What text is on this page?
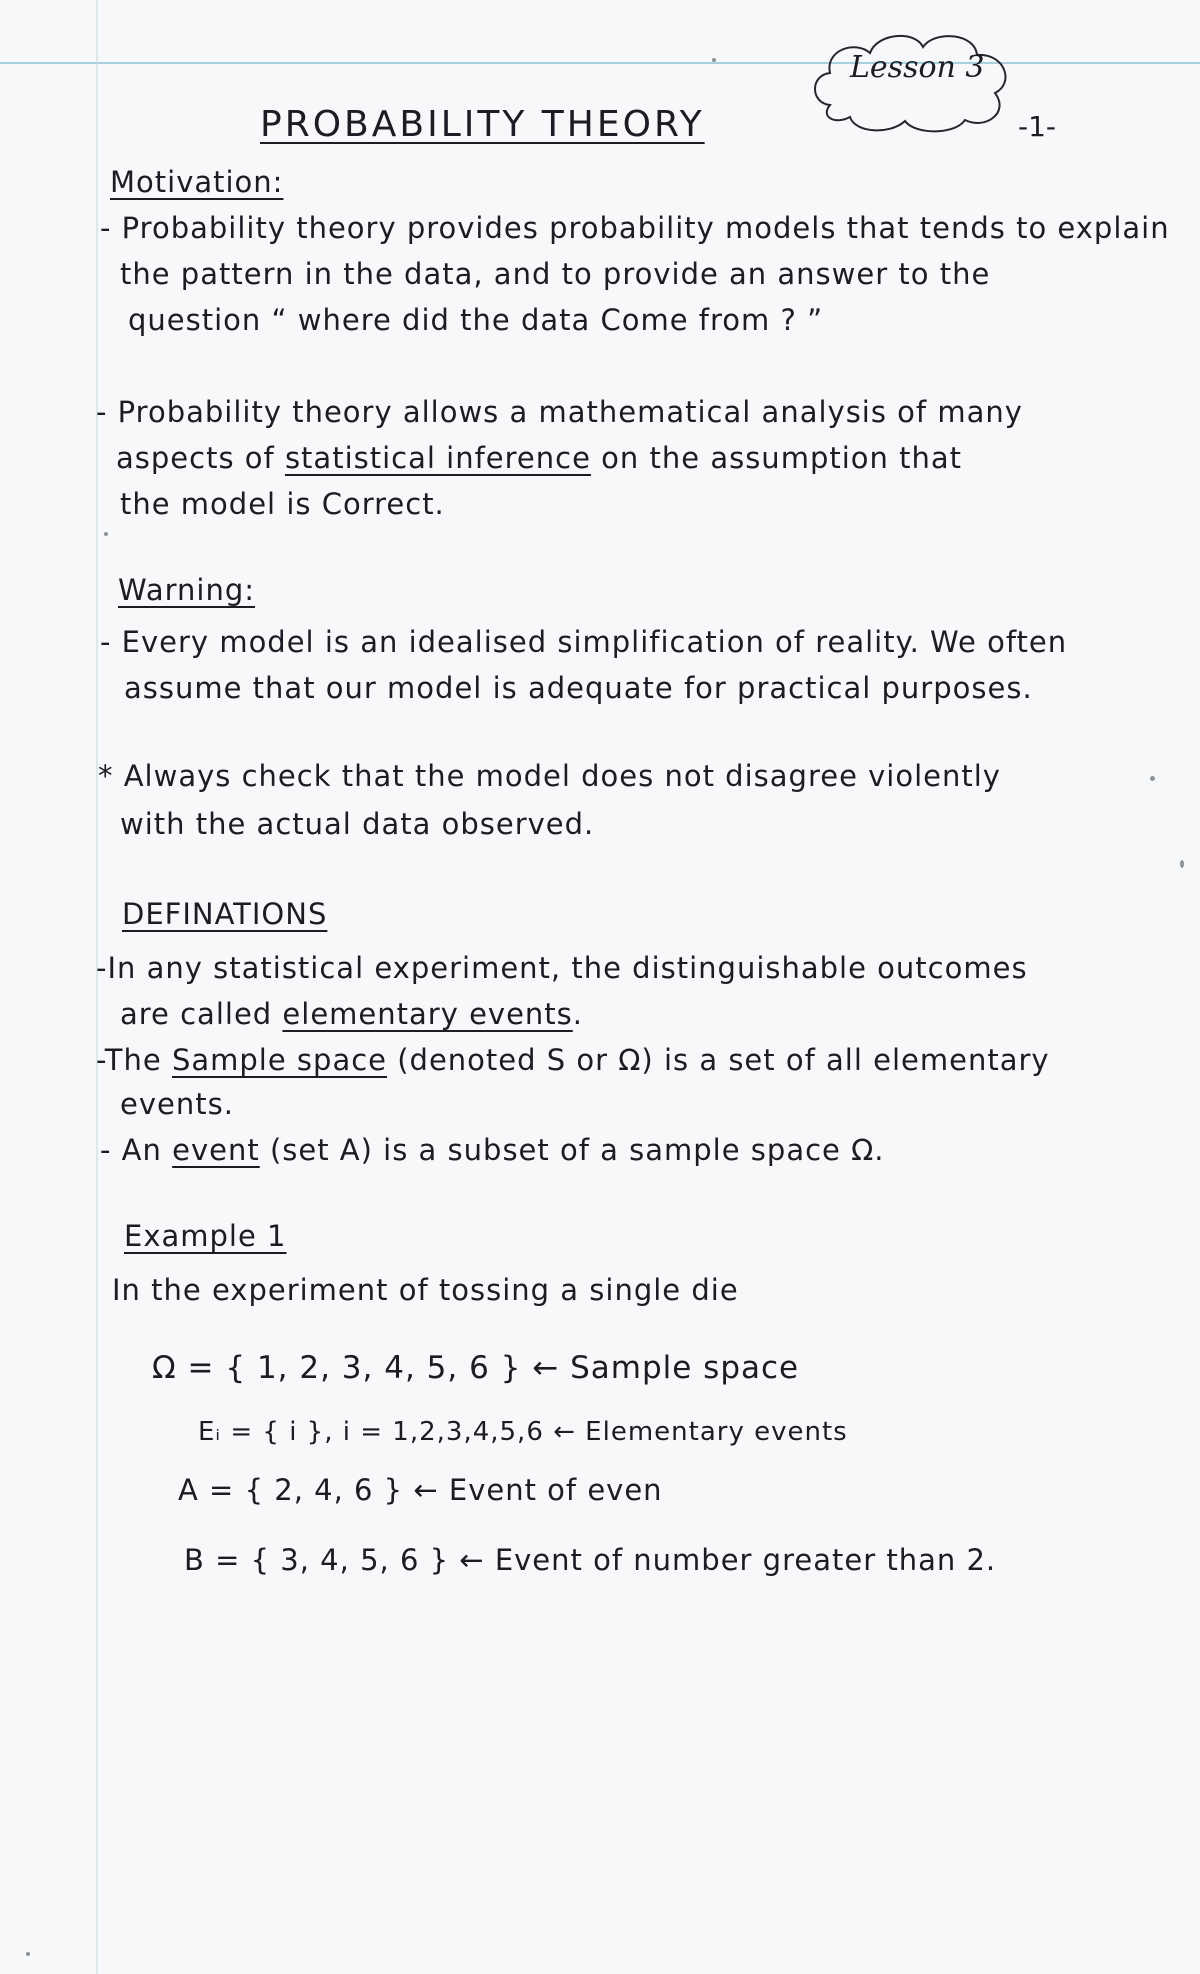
Lesson 3
-1-
PROBABILITY THEORY
Motivation:
- Probability theory provides probability models that tends to explain
the pattern in the data, and to provide an answer to the
question “ where did the data Come from ? ”
- Probability theory allows a mathematical analysis of many
aspects of statistical inference on the assumption that
the model is Correct.
Warning:
- Every model is an idealised simplification of reality. We often
assume that our model is adequate for practical purposes.
* Always check that the model does not disagree violently
with the actual data observed.
DEFINATIONS
-In any statistical experiment, the distinguishable outcomes
are called elementary events.
-The Sample space (denoted S or Ω) is a set of all elementary
events.
- An event (set A) is a subset of a sample space Ω.
Example 1
In the experiment of tossing a single die
Ω = { 1, 2, 3, 4, 5, 6 } ← Sample space
Eᵢ = { i }, i = 1,2,3,4,5,6 ← Elementary events
A = { 2, 4, 6 } ← Event of even
B = { 3, 4, 5, 6 } ← Event of number greater than 2.
